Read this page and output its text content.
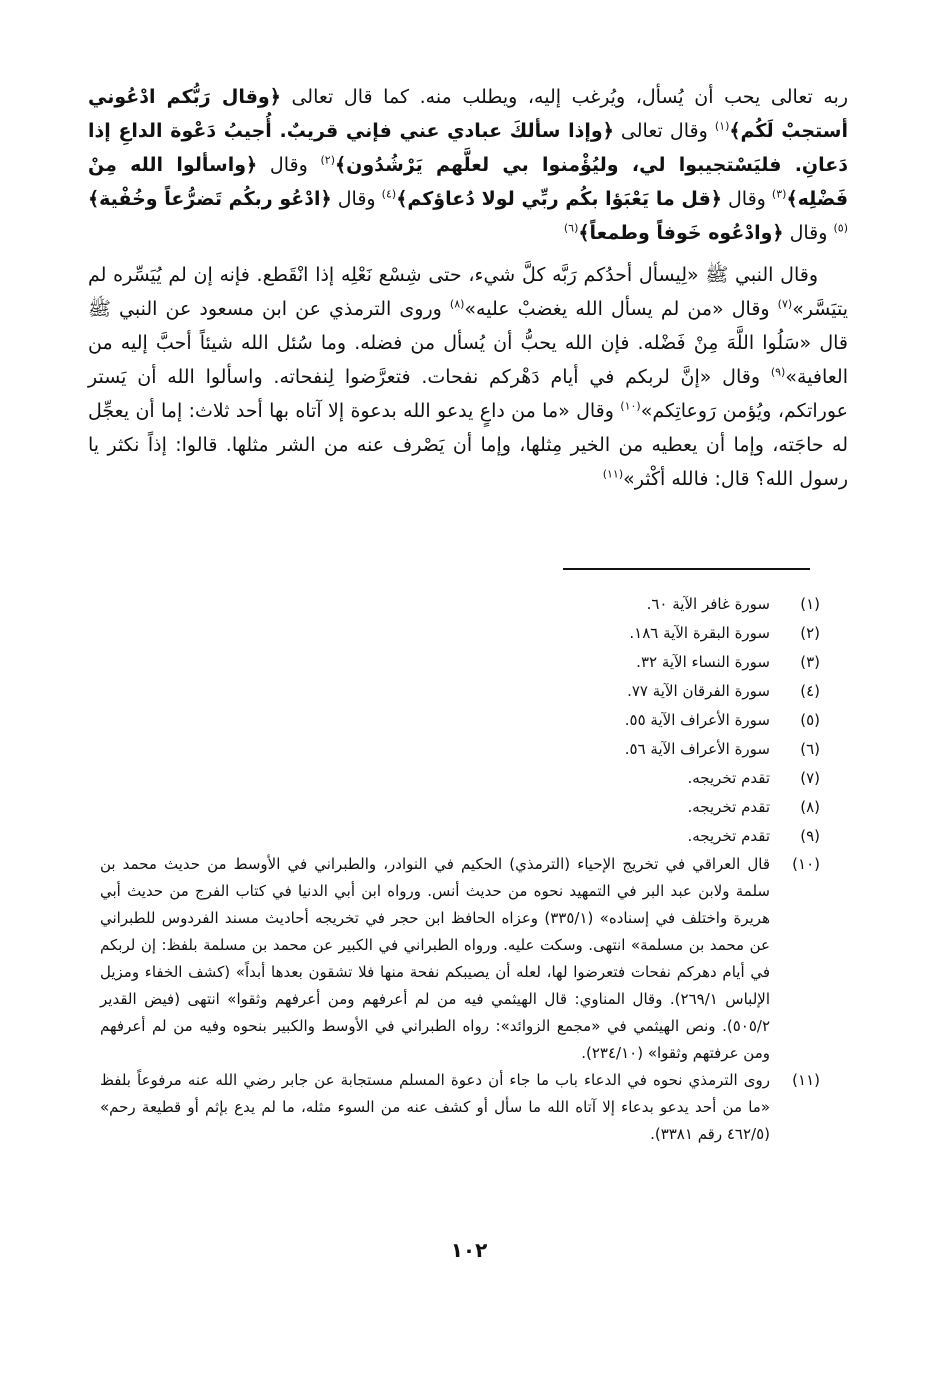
ربه تعالى يحب أن يُسأل، ويُرغب إليه، ويطلب منه. كما قال تعالى ﴿وقال رَبُّكم ادْعُوني أستجبْ لَكُم﴾$^{(١)}$ وقال تعالى ﴿وإذا سألكَ عبادي عني فإني قريبٌ. أُجيبُ دَعْوة الداعِ إذا دَعانِ. فليَسْتجيبوا لي، وليُؤْمنوا بي لعلَّهم يَرْشُدُون﴾$^{(٢)}$ وقال ﴿واسألوا الله مِنْ فَضْلِه﴾$^{(٣)}$ وقال ﴿قل ما يَعْبَؤا بكُم ربِّي لولا دُعاؤكم﴾$^{(٤)}$ وقال ﴿ادْعُو ربكُم تَضرُّعاً وخُفْية﴾$^{(٥)}$ وقال ﴿وادْعُوه خَوفاً وطمعاً﴾$^{(٦)}$

وقال النبي ﷺ «لِيسأل أحدُكم رَبَّه كلَّ شيء، حتى شِسْع نَعْلِه إذا انْقَطع. فإنه إن لم يُيَسِّره لم يتيَسَّر»$^{(٧)}$ وقال «من لم يسأل الله يغضبْ عليه»$^{(٨)}$ وروى الترمذي عن ابن مسعود عن النبي ﷺ قال «سَلُوا اللَّهَ مِنْ فَضْله. فإن الله يحبُّ أن يُسأل من فضله. وما سُئل الله شيئاً أحبَّ إليه من العافية»$^{(٩)}$ وقال «إنَّ لربكم في أيام دَهْركم نفحات. فتعرَّضوا لِنفحاته. واسألوا الله أن يَستر عوراتكم، ويُؤمن رَوعاتِكم»$^{(١٠)}$ وقال «ما من داعٍ يدعو الله بدعوة إلا آتاه بها أحد ثلاث: إما أن يعجِّل له حاجَته، وإما أن يعطيه من الخير مِثلها، وإما أن يَصْرف عنه من الشر مثلها. قالوا: إذاً نكثر يا رسول الله؟ قال: فالله أكْثر»$^{(١١)}$

(١)
سورة غافر الآية ٦٠.
(٢)
سورة البقرة الآية ١٨٦.
(٣)
سورة النساء الآية ٣٢.
(٤)
سورة الفرقان الآية ٧٧.
(٥)
سورة الأعراف الآية ٥٥.
(٦)
سورة الأعراف الآية ٥٦.
(٧)
تقدم تخريجه.
(٨)
تقدم تخريجه.
(٩)
تقدم تخريجه.
(١٠)
قال العراقي في تخريج الإحياء (الترمذي) الحكيم في النوادر، والطبراني في الأوسط من حديث محمد بن سلمة ولابن عبد البر في التمهيد نحوه من حديث أنس. ورواه ابن أبي الدنيا في كتاب الفرج من حديث أبي هريرة واختلف في إسناده» (٣٣٥/١) وعزاه الحافظ ابن حجر في تخريجه أحاديث مسند الفردوس للطبراني عن محمد بن مسلمة» انتهى. وسكت عليه. ورواه الطبراني في الكبير عن محمد بن مسلمة بلفظ: إن لربكم في أيام دهركم نفحات فتعرضوا لها، لعله أن يصيبكم نفحة منها فلا تشقون بعدها أبداً» (كشف الخفاء ومزيل الإلباس ٢٦٩/١). وقال المناوي: قال الهيثمي فيه من لم أعرفهم ومن أعرفهم وثقوا» انتهى (فيض القدير ٥٠٥/٢). ونص الهيثمي في «مجمع الزوائد»: رواه الطبراني في الأوسط والكبير بنحوه وفيه من لم أعرفهم ومن عرفتهم وثقوا» (٢٣٤/١٠).
(١١)
روى الترمذي نحوه في الدعاء باب ما جاء أن دعوة المسلم مستجابة عن جابر رضي الله عنه مرفوعاً بلفظ «ما من أحد يدعو بدعاء إلا آتاه الله ما سأل أو كشف عنه من السوء مثله، ما لم يدع بإثم أو قطيعة رحم» (٤٦٢/٥ رقم ٣٣٨١).
١٠٢
